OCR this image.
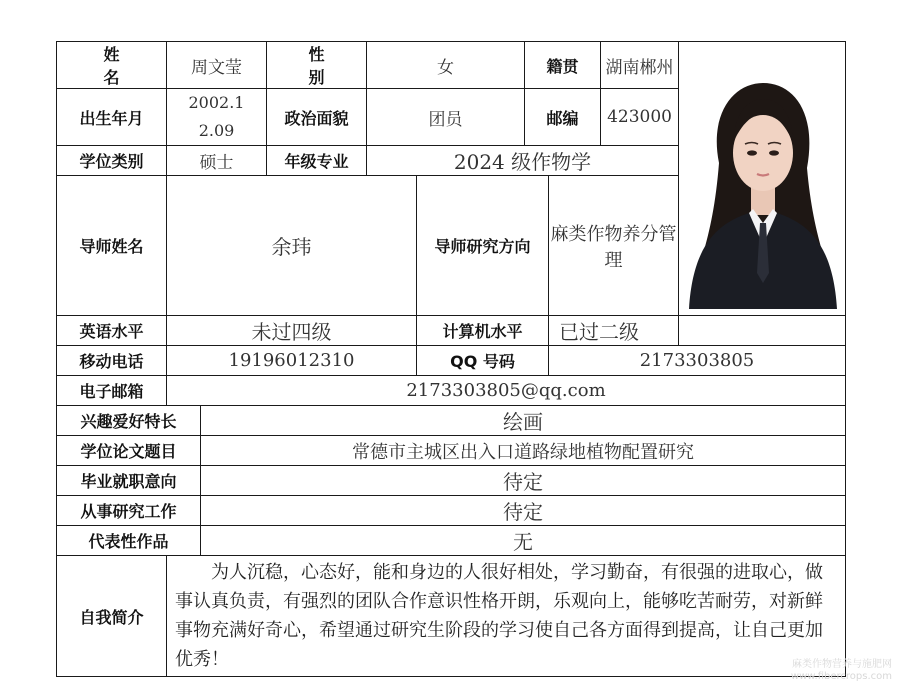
姓 名	周文莹		性 别	女		籍贯		湖南郴州	

出生年月	2002.12.09		政治面貌	团员		邮编		423000	
学位类别	硕士		年级专业	2024 级作物学					
导师姓名	余玮				导师研究方向		麻类作物养分管理		

英语水平	未过四级				计算机水平		已过二级		
移动电话	19196012310				QQ 号码		2173303805		
电子邮箱	2173303805@qq.com								
兴趣爱好特长		绘画							
学位论文题目		常德市主城区出入口道路绿地植物配置研究							
毕业就职意向		待定							
从事研究工作		待定							
代表性作品		无							
自我简介	为人沉稳，心态好，能和身边的人很好相处，学习勤奋，有很强的进取心，做事认真负责，有强烈的团队合作意识性格开朗，乐观向上，能够吃苦耐劳，对新鲜事物充满好奇心，希望通过研究生阶段的学习使自己各方面得到提高，让自己更加优秀！									麻类作物营养与施肥网
www.fibercrops.com
